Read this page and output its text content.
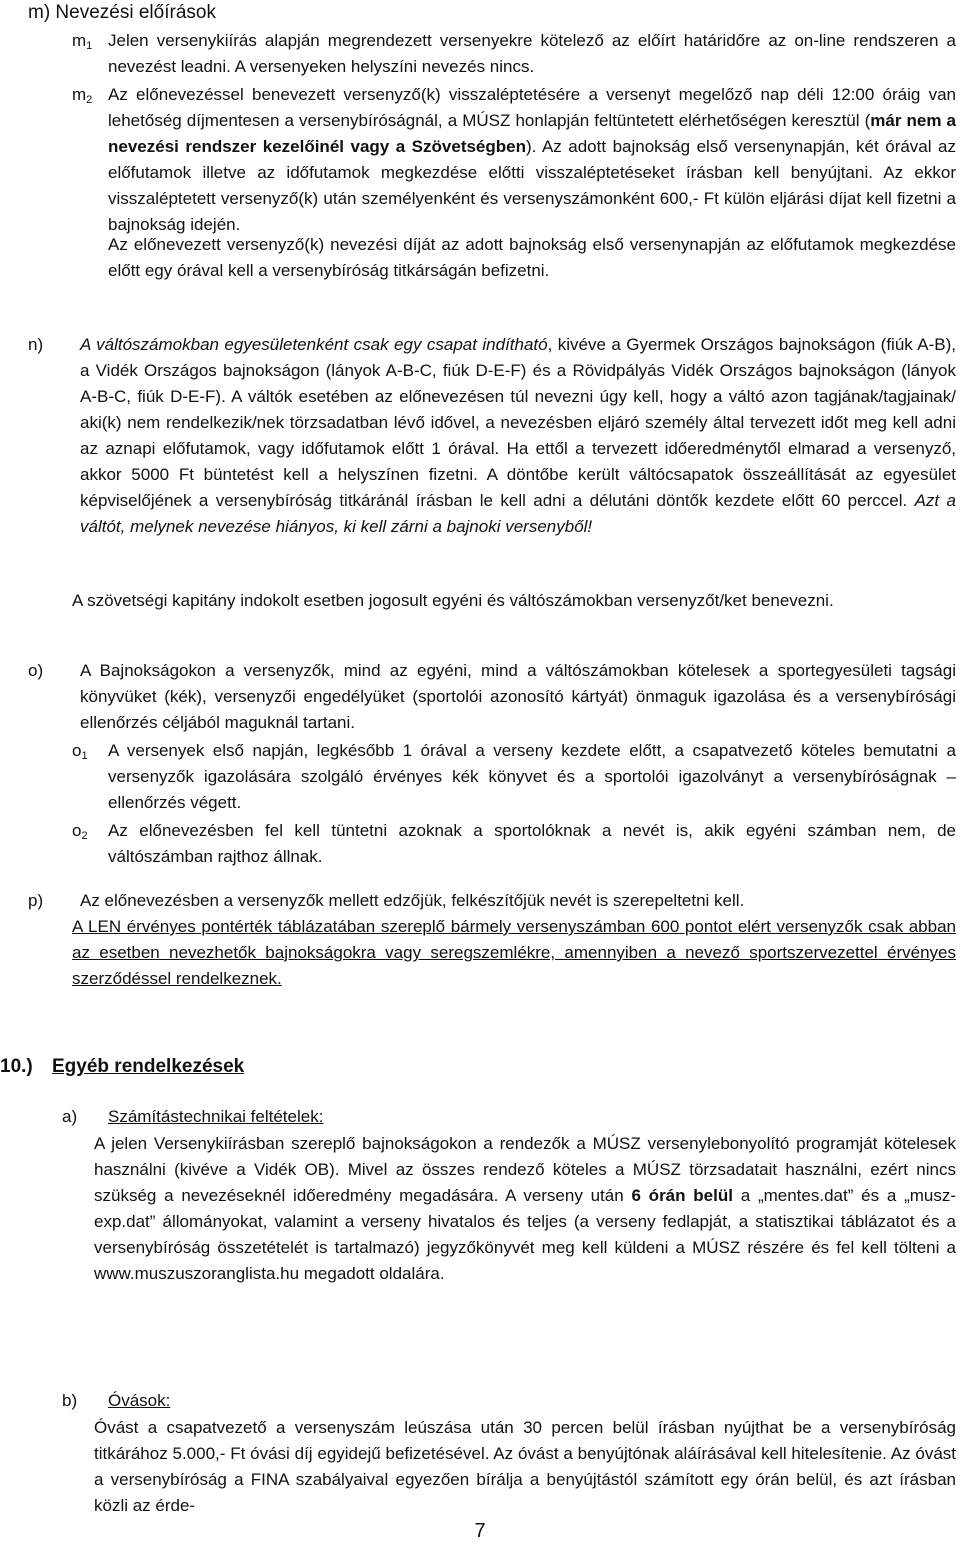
m) Nevezési előírások
$m_1$ Jelen versenykiírás alapján megrendezett versenyekre kötelező az előírt határidőre az on-line rendszeren a nevezést leadni. A versenyeken helyszíni nevezés nincs.
$m_2$ Az előnevezéssel benevezett versenyző(k) visszaléptetésére a versenyt megelőző nap déli 12:00 óráig van lehetőség díjmentesen a versenybíróságnál, a MÚSZ honlapján feltüntetett elérhetőségen keresztül (már nem a nevezési rendszer kezelőinél vagy a Szövetségben). Az adott bajnokság első versenynapján, két órával az előfutamok illetve az időfutamok megkezdése előtti visszaléptetéseket írásban kell benyújtani. Az ekkor visszaléptetett versenyző(k) után személyenként és versenyszámonként 600,- Ft külön eljárási díjat kell fizetni a bajnokság idején.
Az előnevezett versenyző(k) nevezési díját az adott bajnokság első versenynapján az előfutamok megkezdése előtt egy órával kell a versenybíróság titkárságán befizetni.
n) A váltószámokban egyesületenként csak egy csapat indítható, kivéve a Gyermek Országos bajnokságon (fiúk A-B), a Vidék Országos bajnokságon (lányok A-B-C, fiúk D-E-F) és a Rövidpályás Vidék Országos bajnokságon (lányok A-B-C, fiúk D-E-F). A váltók esetében az előnevezésen túl nevezni úgy kell, hogy a váltó azon tagjának/tagjainak/ aki(k) nem rendelkezik/nek törzsadatban lévő idővel, a nevezésben eljáró személy által tervezett időt meg kell adni az aznapi előfutamok, vagy időfutamok előtt 1 órával. Ha ettől a tervezett időeredménytől elmarad a versenyző, akkor 5000 Ft büntetést kell a helyszínen fizetni. A döntőbe került váltócsapatok összeállítását az egyesület képviselőjének a versenybíróság titkáránál írásban le kell adni a délutáni döntők kezdete előtt 60 perccel. Azt a váltót, melynek nevezése hiányos, ki kell zárni a bajnoki versenyből!
A szövetségi kapitány indokolt esetben jogosult egyéni és váltószámokban versenyzőt/ket benevezni.
o) A Bajnokságokon a versenyzők, mind az egyéni, mind a váltószámokban kötelesek a sportegyesületi tagsági könyvüket (kék), versenyzői engedélyüket (sportolói azonosító kártyát) önmaguk igazolása és a versenybírósági ellenőrzés céljából maguknál tartani.
$o_1$ A versenyek első napján, legkésőbb 1 órával a verseny kezdete előtt, a csapatvezető köteles bemutatni a versenyzők igazolására szolgáló érvényes kék könyvet és a sportolói igazolványt a versenybíróságnak – ellenőrzés végett.
$o_2$ Az előnevezésben fel kell tüntetni azoknak a sportolóknak a nevét is, akik egyéni számban nem, de váltószámban rajthoz állnak.
p) Az előnevezésben a versenyzők mellett edzőjük, felkészítőjük nevét is szerepeltetni kell.
A LEN érvényes pontérték táblázatában szereplő bármely versenyszámban 600 pontot elért versenyzők csak abban az esetben nevezhetők bajnokságokra vagy seregszemlékre, amennyiben a nevező sportszervezettel érvényes szerződéssel rendelkeznek.
10.) Egyéb rendelkezések
a) Számítástechnikai feltételek:
A jelen Versenykiírásban szereplő bajnokságokon a rendezők a MÚSZ versenylebonyolító programját kötelesek használni (kivéve a Vidék OB). Mivel az összes rendező köteles a MÚSZ törzsadatait használni, ezért nincs szükség a nevezéseknél időeredmény megadására. A verseny után 6 órán belül a „mentes.dat” és a „musz-exp.dat” állományokat, valamint a verseny hivatalos és teljes (a verseny fedlapját, a statisztikai táblázatot és a versenybíróság összetételét is tartalmazó) jegyzőkönyvét meg kell küldeni a MÚSZ részére és fel kell tölteni a www.muszuszoranglista.hu megadott oldalára.
b) Óvások:
Óvást a csapatvezető a versenyszám leúszása után 30 percen belül írásban nyújthat be a versenybíróság titkárához 5.000,- Ft óvási díj egyidejű befizetésével. Az óvást a benyújtónak aláírásával kell hitelesítenie. Az óvást a versenybíróság a FINA szabályaival egyezően bírálja a benyújtástól számított egy órán belül, és azt írásban közli az érde-
7
